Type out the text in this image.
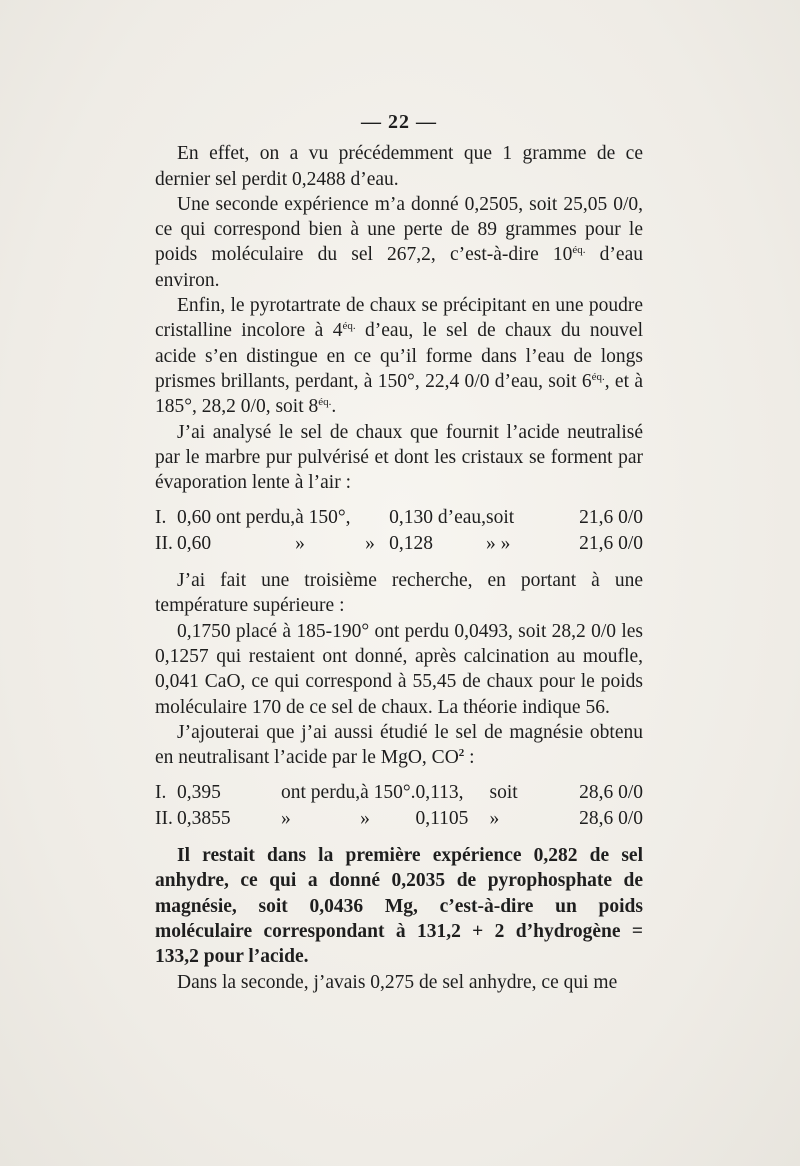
— 22 —

En effet, on a vu précédemment que 1 gramme de ce dernier sel perdit 0,2488 d’eau.

Une seconde expérience m’a donné 0,2505, soit 25,05 0/0, ce qui correspond bien à une perte de 89 grammes pour le poids moléculaire du sel 267,2, c’est-à-dire $10^{éq.}$ d’eau environ.

Enfin, le pyrotartrate de chaux se précipitant en une poudre cristalline incolore à $4^{éq.}$ d’eau, le sel de chaux du nouvel acide s’en distingue en ce qu’il forme dans l’eau de longs prismes brillants, perdant, à 150°, 22,4 0/0 d’eau, soit $6^{éq.}$, et à 185°, 28,2 0/0, soit $8^{éq.}$.

J’ai analysé le sel de chaux que fournit l’acide neutralisé par le marbre pur pulvérisé et dont les cristaux se forment par évaporation lente à l’air :

I.	0,60 ont perdu,	à 150°,		0,130 d’eau,	soit	21,6 0/0
II.	0,60	»	»	0,128	» »	21,6 0/0

J’ai fait une troisième recherche, en portant à une température supérieure :

0,1750 placé à 185-190° ont perdu 0,0493, soit 28,2 0/0 les 0,1257 qui restaient ont donné, après calcination au moufle, 0,041 CaO, ce qui correspond à 55,45 de chaux pour le poids moléculaire 170 de ce sel de chaux. La théorie indique 56.

J’ajouterai que j’ai aussi étudié le sel de magnésie obtenu en neutralisant l’acide par le MgO, $CO^2$ :

I.	0,395	ont perdu,	à 150°.	0,113,	soit	28,6 0/0
II.	0,3855	»	»	0,1105	»	28,6 0/0

Il restait dans la première expérience 0,282 de sel anhydre, ce qui a donné 0,2035 de pyrophosphate de magnésie, soit 0,0436 Mg, c’est-à-dire un poids moléculaire correspondant à 131,2 + 2 d’hydrogène = 133,2 pour l’acide.

Dans la seconde, j’avais 0,275 de sel anhydre, ce qui me
